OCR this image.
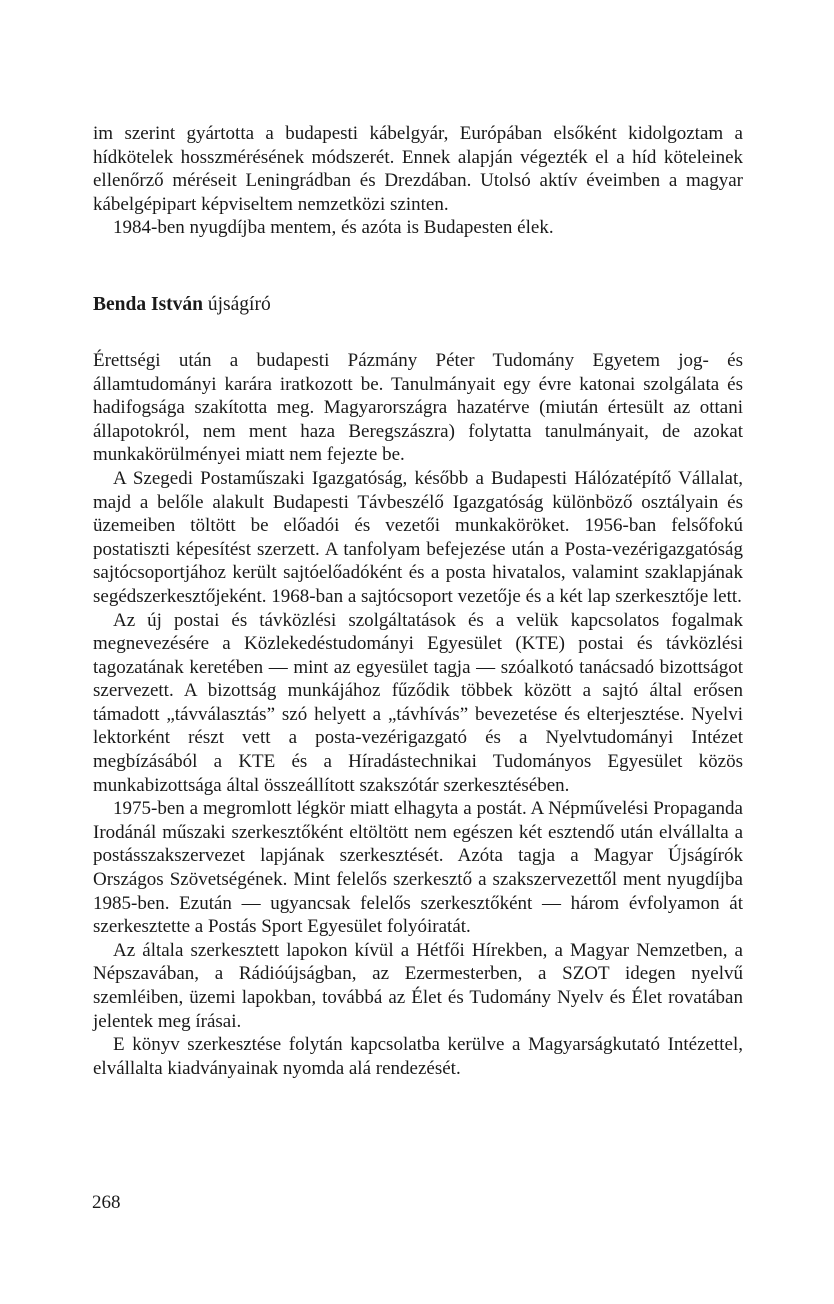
im szerint gyártotta a budapesti kábelgyár, Európában elsőként kidolgoztam a hídkötelek hosszmérésének módszerét. Ennek alapján végezték el a híd köteleinek ellenőrző méréseit Leningrádban és Drezdában. Utolsó aktív éveimben a magyar kábelgépipart képviseltem nemzetközi szinten.

1984-ben nyugdíjba mentem, és azóta is Budapesten élek.

Benda István újságíró

Érettségi után a budapesti Pázmány Péter Tudomány Egyetem jog- és államtudományi karára iratkozott be. Tanulmányait egy évre katonai szolgálata és hadifogsága szakította meg. Magyarországra hazatérve (miután értesült az ottani állapotokról, nem ment haza Beregszászra) folytatta tanulmányait, de azokat munkakörülményei miatt nem fejezte be.

A Szegedi Postaműszaki Igazgatóság, később a Budapesti Hálózatépítő Vállalat, majd a belőle alakult Budapesti Távbeszélő Igazgatóság különböző osztályain és üzemeiben töltött be előadói és vezetői munkaköröket. 1956-ban felsőfokú postatiszti képesítést szerzett. A tanfolyam befejezése után a Posta-vezérigazgatóság sajtócsoportjához került sajtóelőadóként és a posta hivatalos, valamint szaklapjának segédszerkesztőjeként. 1968-ban a sajtócsoport vezetője és a két lap szerkesztője lett.

Az új postai és távközlési szolgáltatások és a velük kapcsolatos fogalmak megnevezésére a Közlekedéstudományi Egyesület (KTE) postai és távközlési tagozatának keretében — mint az egyesület tagja — szóalkotó tanácsadó bizottságot szervezett. A bizottság munkájához fűződik többek között a sajtó által erősen támadott „távválasztás” szó helyett a „távhívás” bevezetése és elterjesztése. Nyelvi lektorként részt vett a posta-vezérigazgató és a Nyelvtudományi Intézet megbízásából a KTE és a Híradástechnikai Tudományos Egyesület közös munkabizottsága által összeállított szakszótár szerkesztésében.

1975-ben a megromlott légkör miatt elhagyta a postát. A Népművelési Propaganda Irodánál műszaki szerkesztőként eltöltött nem egészen két esztendő után elvállalta a postásszakszervezet lapjának szerkesztését. Azóta tagja a Magyar Újságírók Országos Szövetségének. Mint felelős szerkesztő a szakszervezettől ment nyugdíjba 1985-ben. Ezután — ugyancsak felelős szerkesztőként — három évfolyamon át szerkesztette a Postás Sport Egyesület folyóiratát.

Az általa szerkesztett lapokon kívül a Hétfői Hírekben, a Magyar Nemzetben, a Népszavában, a Rádióújságban, az Ezermesterben, a SZOT idegen nyelvű szemléiben, üzemi lapokban, továbbá az Élet és Tudomány Nyelv és Élet rovatában jelentek meg írásai.

E könyv szerkesztése folytán kapcsolatba kerülve a Magyarságkutató Intézettel, elvállalta kiadványainak nyomda alá rendezését.

268
